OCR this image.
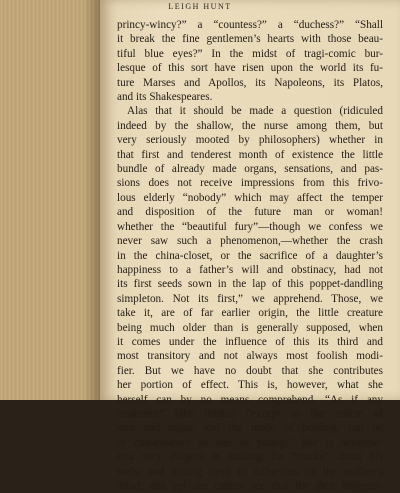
LEIGH HUNT
princy-wincy?” a “countess?” a “duchess?” “Shall
it break the fine gentlemen’s hearts with those beau-
tiful blue eyes?” In the midst of tragi-comic bur-
lesque of this sort have risen upon the world its fu-
ture Marses and Apollos, its Napoleons, its Platos,
and its Shakespeares.
Alas that it should be made a question (ridiculed
indeed by the shallow, the nurse among them, but
very seriously mooted by philosophers) whether in
that first and tenderest month of existence the little
bundle of already made organs, sensations, and pas-
sions does not receive impressions from this frivo-
lous elderly “nobody” which may affect the temper
and disposition of the future man or woman!
whether the “beautiful fury”—though we confess we
never saw such a phenomenon,—whether the crash
in the china-closet, or the sacrifice of a daughter’s
happiness to a father’s will and obstinacy, had not
its first seeds sown in the lap of this poppet-dandling
simpleton. Not its first,” we apprehend. Those, we
take it, are of far earlier origin, the little creature
being much older than is generally supposed, when
it comes under the influence of this its third and
most transitory and not always most foolish modi-
fier. But we have no doubt that she contributes
her portion of effect. This is, however, what she
herself can by no means comprehend. “As if any
treatment” (she thinks) “except in the article of
rum and sugar, and the mode of holding, can be
of consequence to one so young!” She is neverthe-
less very diligent in looking for “marks” about his
body, and tracing them to influences on the mother’s
mind; and yet she cannot see that the then impressi-
